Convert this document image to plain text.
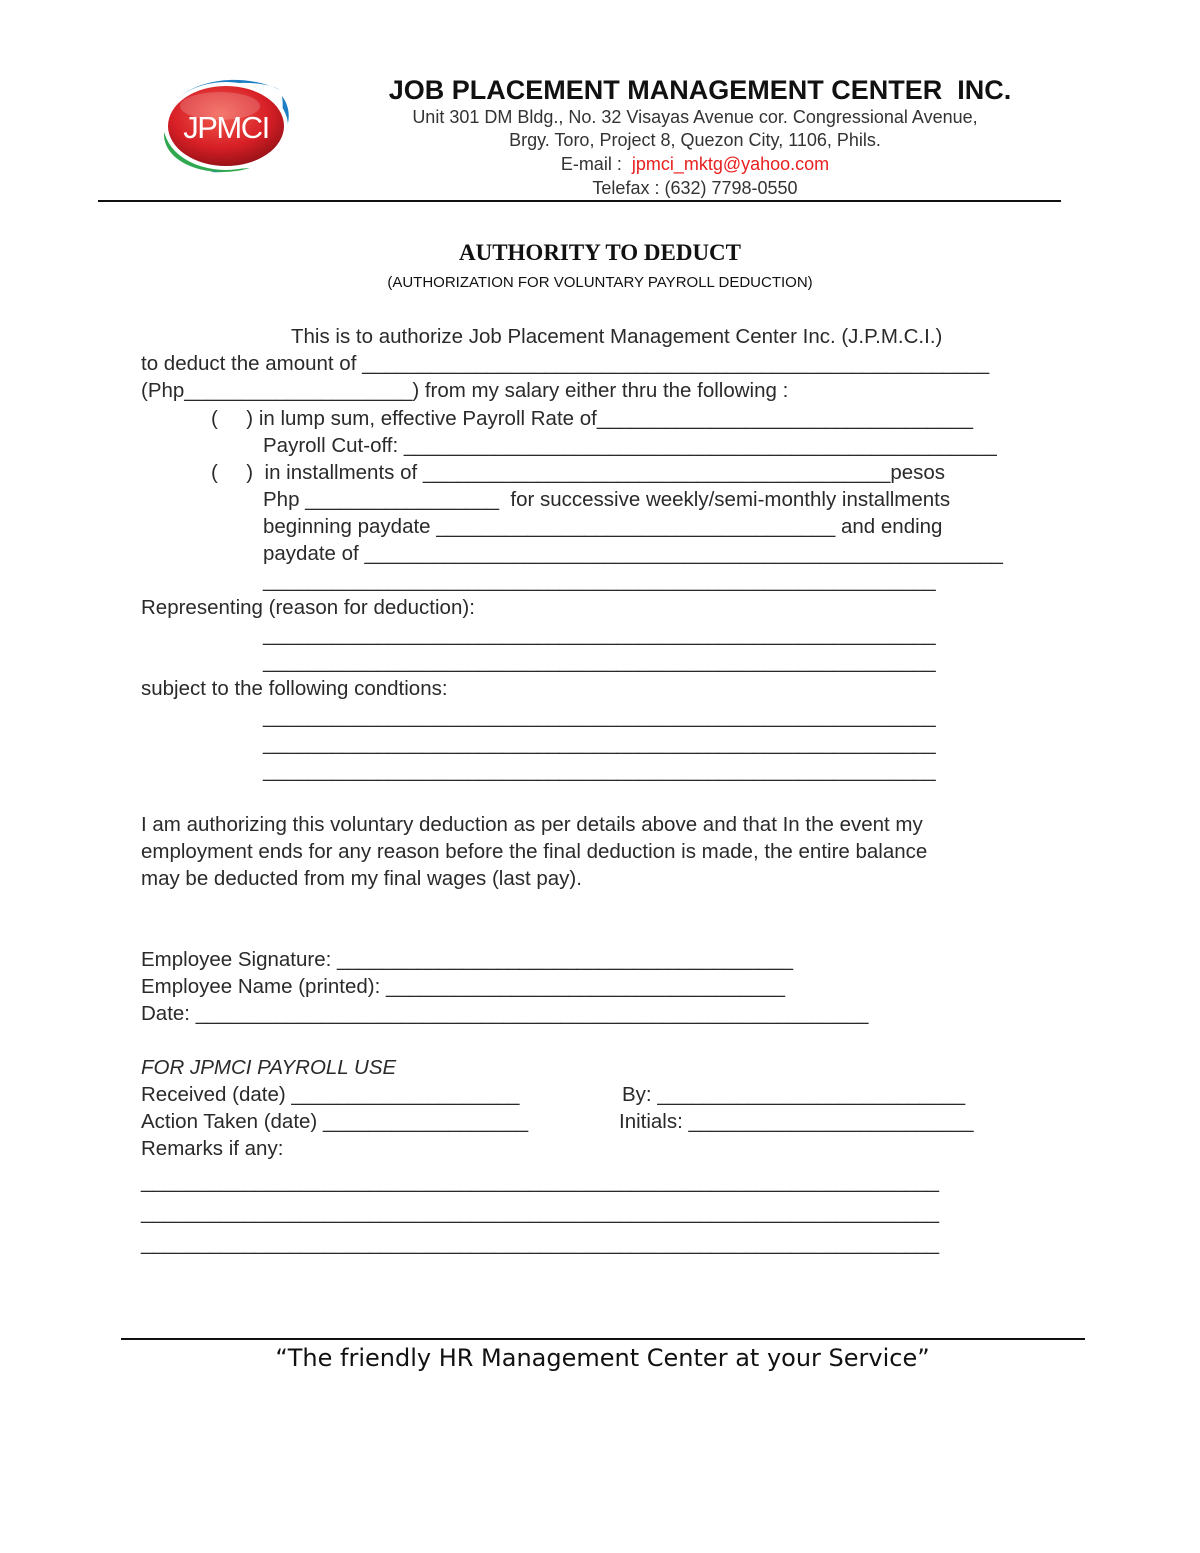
JPMCI
JOB PLACEMENT MANAGEMENT CENTER  INC.
Unit 301 DM Bldg., No. 32 Visayas Avenue cor. Congressional Avenue,
Brgy. Toro, Project 8, Quezon City, 1106, Phils.
E-mail :  jpmci_mktg@yahoo.com
Telefax : (632) 7798-0550
AUTHORITY TO DEDUCT
(AUTHORIZATION FOR VOLUNTARY PAYROLL DEDUCTION)
This is to authorize Job Placement Management Center Inc. (J.P.M.C.I.)
to deduct the amount of _______________________________________________________
(Php____________________) from my salary either thru the following :
(     ) in lump sum, effective Payroll Rate of_________________________________
Payroll Cut-off: ____________________________________________________
(     )  in installments of _________________________________________pesos
Php _________________  for successive weekly/semi-monthly installments
beginning paydate ___________________________________ and ending
paydate of ________________________________________________________
___________________________________________________________
Representing (reason for deduction):
___________________________________________________________
___________________________________________________________
subject to the following condtions:
___________________________________________________________
___________________________________________________________
___________________________________________________________
I am authorizing this voluntary deduction as per details above and that In the event my
employment ends for any reason before the final deduction is made, the entire balance
may be deducted from my final wages (last pay).
Employee Signature: ________________________________________
Employee Name (printed): ___________________________________
Date: ___________________________________________________________
FOR JPMCI PAYROLL USE
Received (date) ____________________	By: ___________________________
Action Taken (date) __________________	Initials: _________________________
Remarks if any:
______________________________________________________________________
______________________________________________________________________
______________________________________________________________________
“The friendly HR Management Center at your Service”
